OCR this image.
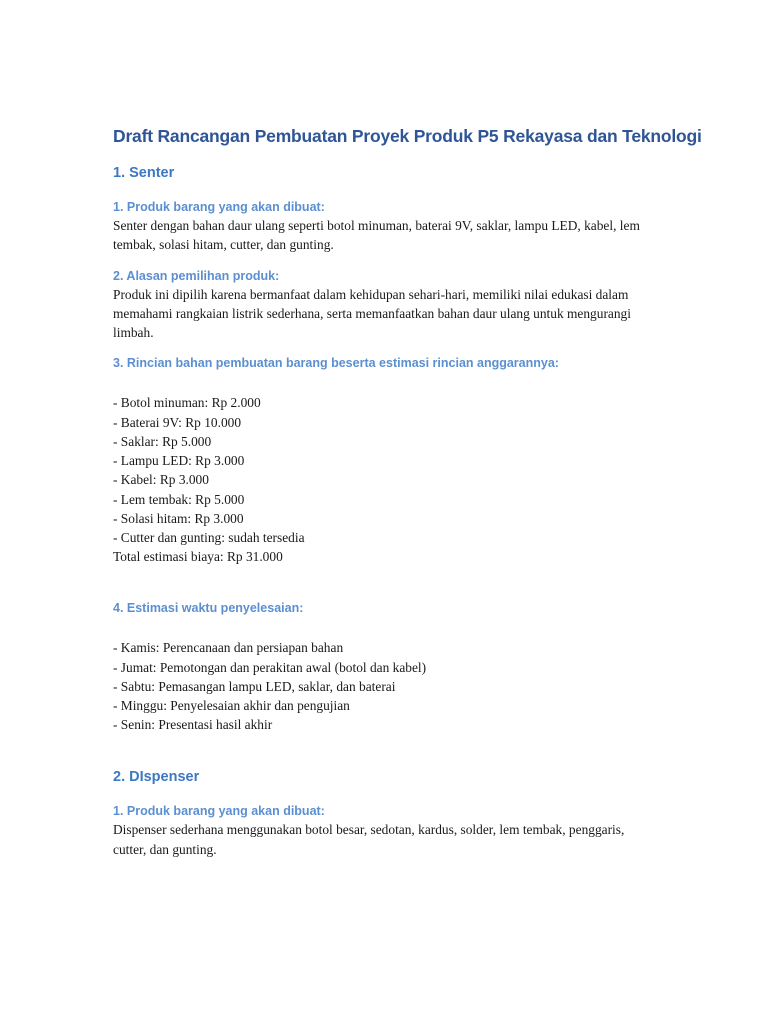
Draft Rancangan Pembuatan Proyek Produk P5 Rekayasa dan Teknologi
1. Senter
1. Produk barang yang akan dibuat:

Senter dengan bahan daur ulang seperti botol minuman, baterai 9V, saklar, lampu LED, kabel, lem tembak, solasi hitam, cutter, dan gunting.

2. Alasan pemilihan produk:

Produk ini dipilih karena bermanfaat dalam kehidupan sehari-hari, memiliki nilai edukasi dalam memahami rangkaian listrik sederhana, serta memanfaatkan bahan daur ulang untuk mengurangi limbah.

3. Rincian bahan pembuatan barang beserta estimasi rincian anggarannya:
- Botol minuman: Rp 2.000
- Baterai 9V: Rp 10.000
- Saklar: Rp 5.000
- Lampu LED: Rp 3.000
- Kabel: Rp 3.000
- Lem tembak: Rp 5.000
- Solasi hitam: Rp 3.000
- Cutter dan gunting: sudah tersedia
Total estimasi biaya: Rp 31.000
4. Estimasi waktu penyelesaian:
- Kamis: Perencanaan dan persiapan bahan
- Jumat: Pemotongan dan perakitan awal (botol dan kabel)
- Sabtu: Pemasangan lampu LED, saklar, dan baterai
- Minggu: Penyelesaian akhir dan pengujian
- Senin: Presentasi hasil akhir
2. DIspenser
1. Produk barang yang akan dibuat:

Dispenser sederhana menggunakan botol besar, sedotan, kardus, solder, lem tembak, penggaris, cutter, dan gunting.
